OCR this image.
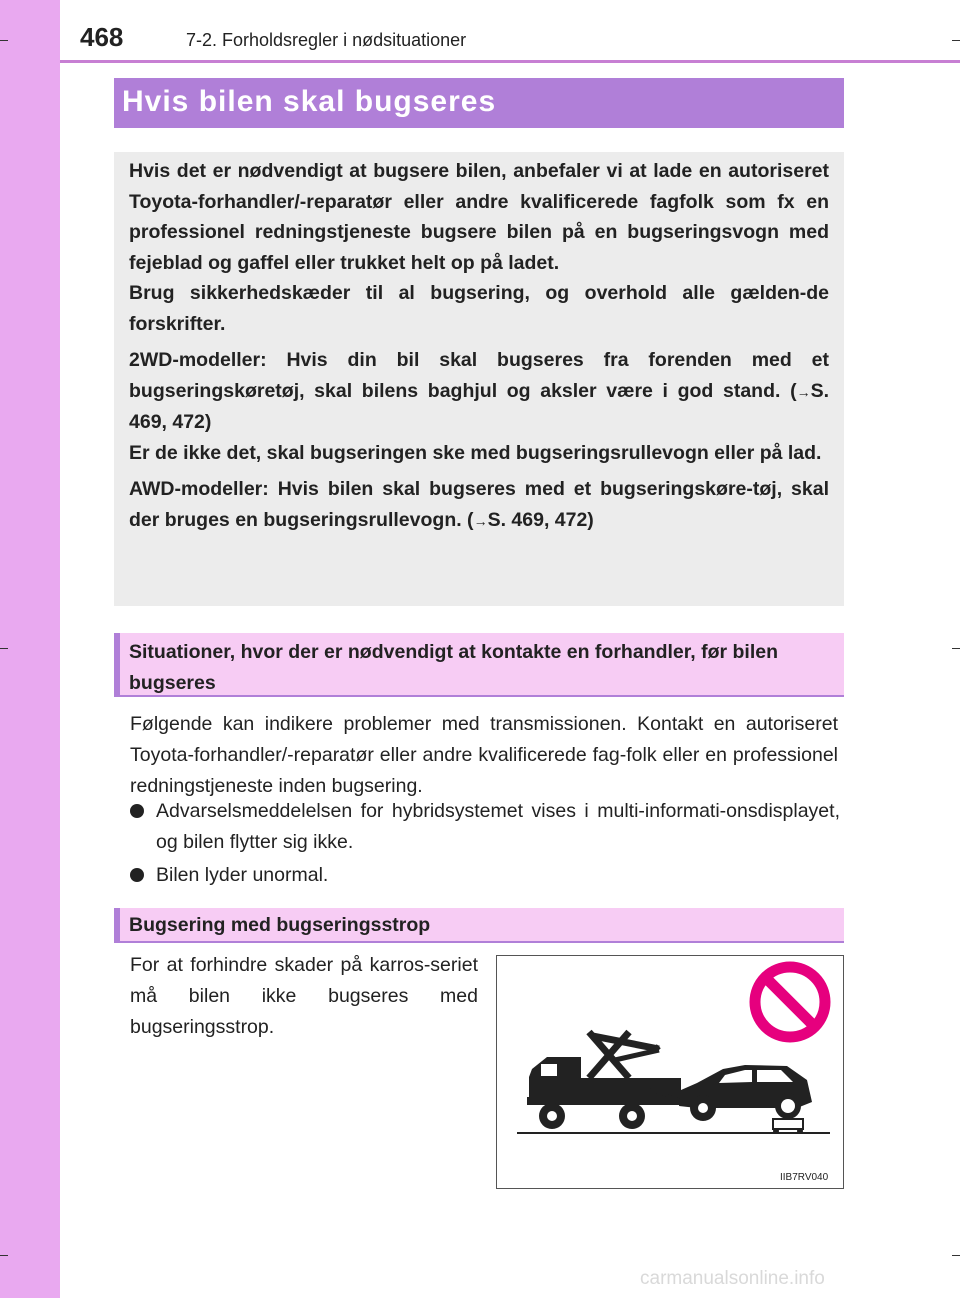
468	7-2. Forholdsregler i nødsituationer
Hvis bilen skal bugseres

Hvis det er nødvendigt at bugsere bilen, anbefaler vi at lade en autoriseret Toyota-forhandler/-reparatør eller andre kvalificerede fagfolk som fx en professionel redningstjeneste bugsere bilen på en bugseringsvogn med fejeblad og gaffel eller trukket helt op på ladet.

Brug sikkerhedskæder til al bugsering, og overhold alle gælden-de forskrifter.

2WD-modeller: Hvis din bil skal bugseres fra forenden med et bugseringskøretøj, skal bilens baghjul og aksler være i god stand. (→S. 469, 472)

Er de ikke det, skal bugseringen ske med bugseringsrullevogn eller på lad.

AWD-modeller: Hvis bilen skal bugseres med et bugseringskøre-tøj, skal der bruges en bugseringsrullevogn. (→S. 469, 472)

Situationer, hvor der er nødvendigt at kontakte en forhandler, før bilen bugseres
Følgende kan indikere problemer med transmissionen. Kontakt en autoriseret Toyota-forhandler/-reparatør eller andre kvalificerede fag-folk eller en professionel redningstjeneste inden bugsering.
Advarselsmeddelelsen for hybridsystemet vises i multi-informati-onsdisplayet, og bilen flytter sig ikke.
Bilen lyder unormal.
Bugsering med bugseringsstrop
For at forhindre skader på karros-seriet må bilen ikke bugseres med bugseringsstrop.
IIB7RV040
carmanualsonline.info
